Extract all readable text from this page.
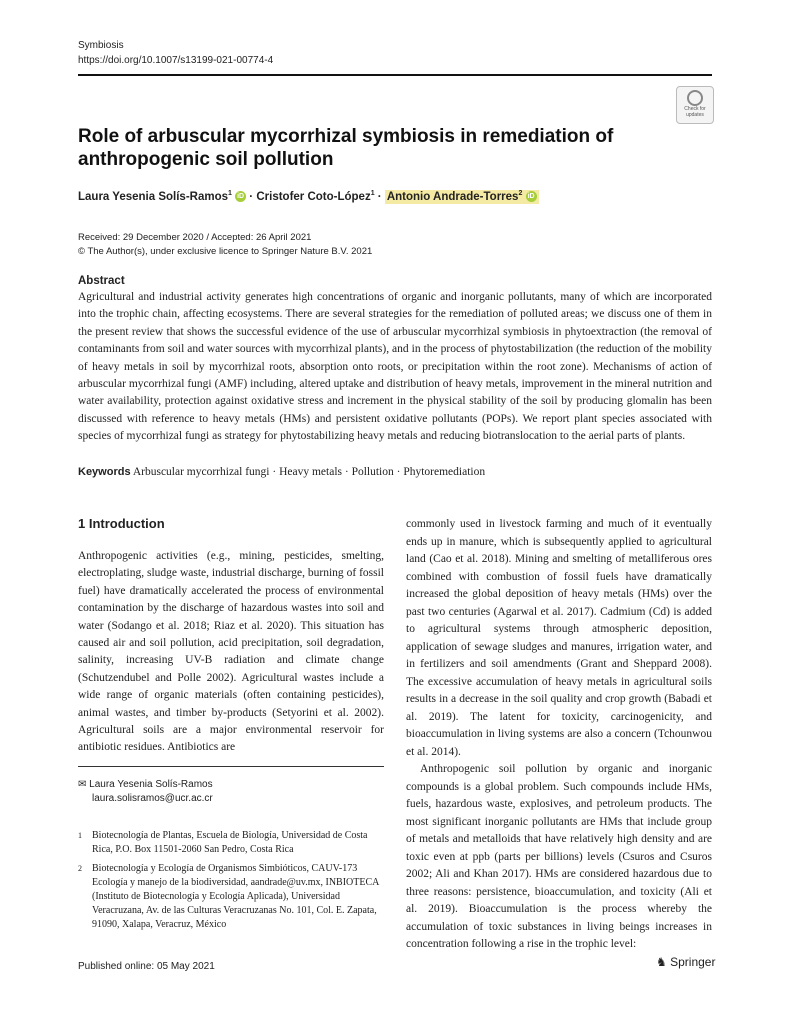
Symbiosis
https://doi.org/10.1007/s13199-021-00774-4
Check for
updates
Role of arbuscular mycorrhizal symbiosis in remediation of anthropogenic soil pollution
Laura Yesenia Solís-Ramos$^1$ iD · Cristofer Coto-López$^1$ · Antonio Andrade-Torres$^2$ iD
Received: 29 December 2020 / Accepted: 26 April 2021
© The Author(s), under exclusive licence to Springer Nature B.V. 2021
Abstract
Agricultural and industrial activity generates high concentrations of organic and inorganic pollutants, many of which are incorporated into the trophic chain, affecting ecosystems. There are several strategies for the remediation of polluted areas; we discuss one of them in the present review that shows the successful evidence of the use of arbuscular mycorrhizal symbiosis in phytoextraction (the removal of contaminants from soil and water sources with mycorrhizal plants), and in the process of phytostabilization (the reduction of the mobility of heavy metals in soil by mycorrhizal roots, absorption onto roots, or precipitation within the root zone). Mechanisms of action of arbuscular mycorrhizal fungi (AMF) including, altered uptake and distribution of heavy metals, improvement in the mineral nutrition and water availability, protection against oxidative stress and increment in the physical stability of the soil by producing glomalin has been discussed with reference to heavy metals (HMs) and persistent oxidative pollutants (POPs). We report plant species associated with species of mycorrhizal fungi as strategy for phytostabilizing heavy metals and reducing biotranslocation to the aerial parts of plants.
Keywords Arbuscular mycorrhizal fungi · Heavy metals · Pollution · Phytoremediation
1 Introduction

Anthropogenic activities (e.g., mining, pesticides, smelting, electroplating, sludge waste, industrial discharge, burning of fossil fuel) have dramatically accelerated the process of environmental contamination by the discharge of hazardous wastes into soil and water (Sodango et al. 2018; Riaz et al. 2020). This situation has caused air and soil pollution, acid precipitation, soil degradation, salinity, increasing UV-B radiation and climate change (Schutzendubel and Polle 2002). Agricultural wastes include a wide range of organic materials (often containing pesticides), animal wastes, and timber by-products (Setyorini et al. 2002). Agricultural soils are a major environmental reservoir for antibiotic residues. Antibiotics are

commonly used in livestock farming and much of it eventually ends up in manure, which is subsequently applied to agricultural land (Cao et al. 2018). Mining and smelting of metalliferous ores combined with combustion of fossil fuels have dramatically increased the global deposition of heavy metals (HMs) over the past two centuries (Agarwal et al. 2017). Cadmium (Cd) is added to agricultural systems through atmospheric deposition, application of sewage sludges and manures, irrigation water, and in fertilizers and soil amendments (Grant and Sheppard 2008). The excessive accumulation of heavy metals in agricultural soils results in a decrease in the soil quality and crop growth (Babadi et al. 2019). The latent for toxicity, carcinogenicity, and bioaccumulation in living systems are also a concern (Tchounwou et al. 2014).

Anthropogenic soil pollution by organic and inorganic compounds is a global problem. Such compounds include HMs, fuels, hazardous waste, explosives, and petroleum products. The most significant inorganic pollutants are HMs that include group of metals and metalloids that have relatively high density and are toxic even at ppb (parts per billions) levels (Csuros and Csuros 2002; Ali and Khan 2017). HMs are considered hazardous due to three reasons: persistence, bioaccumulation, and toxicity (Ali et al. 2019). Bioaccumulation is the process whereby the accumulation of toxic substances in living beings increases in concentration following a rise in the trophic level:

✉ Laura Yesenia Solís-Ramos
laura.solisramos@ucr.ac.cr
1 Biotecnología de Plantas, Escuela de Biología, Universidad de Costa Rica, P.O. Box 11501-2060 San Pedro, Costa Rica
2 Biotecnología y Ecología de Organismos Simbióticos, CAUV-173 Ecología y manejo de la biodiversidad, aandrade@uv.mx, INBIOTECA (Instituto de Biotecnología y Ecología Aplicada), Universidad Veracruzana, Av. de las Culturas Veracruzanas No. 101, Col. E. Zapata, 91090, Xalapa, Veracruz, México
Published online: 05 May 2021	♞ Springer
